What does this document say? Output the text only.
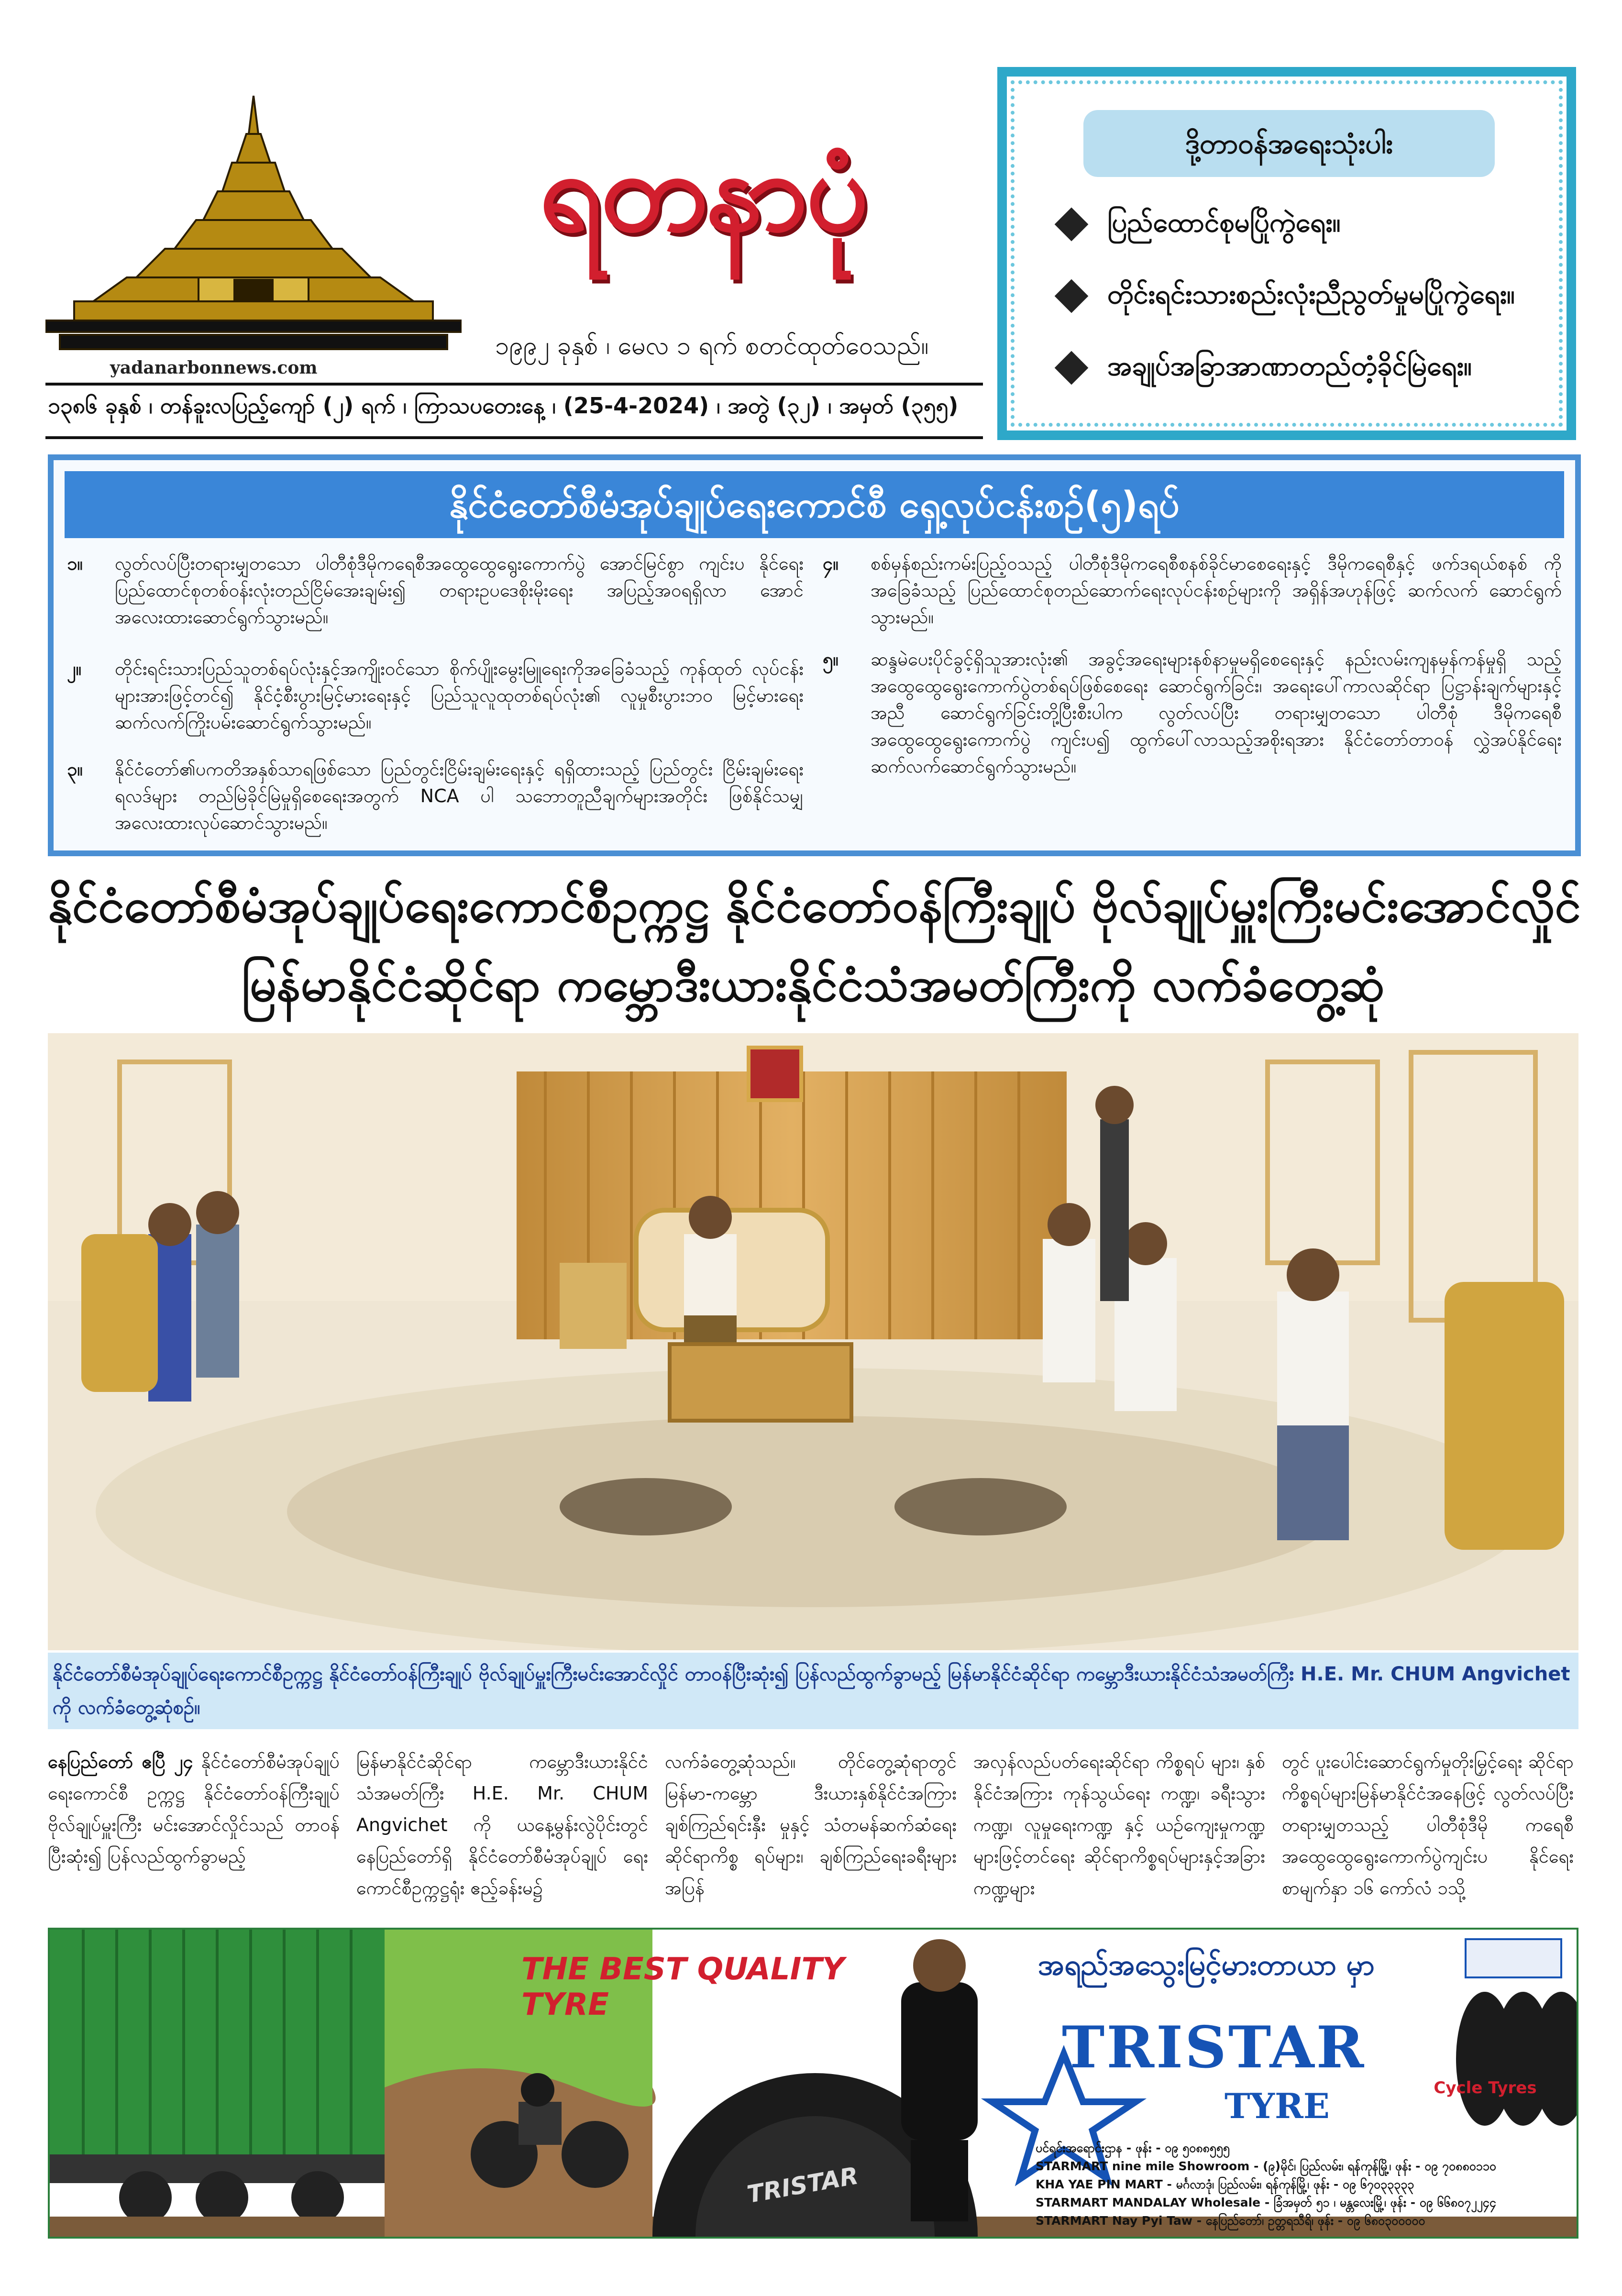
yadanarbonnews.com
ရတနာပုံ
၁၉၉၂ ခုနှစ် ၊ မေလ ၁ ရက် စတင်ထုတ်ဝေသည်။
၁၃၈၆ ခုနှစ် ၊ တန်ခူးလပြည့်ကျော် (၂) ရက် ၊ ကြာသပတေးနေ့ ၊ (25-4-2024) ၊ အတွဲ (၃၂) ၊ အမှတ် (၃၅၅)
ဒို့တာဝန်အရေးသုံးပါး
ပြည်ထောင်စုမပြိုကွဲရေး။
တိုင်းရင်းသားစည်းလုံးညီညွတ်မှုမပြိုကွဲရေး။
အချုပ်အခြာအာဏာတည်တံ့ခိုင်မြဲရေး။
နိုင်ငံတော်စီမံအုပ်ချုပ်ရေးကောင်စီ ရှေ့လုပ်ငန်းစဉ်(၅)ရပ်
၁။	လွတ်လပ်ပြီးတရားမျှတသော ပါတီစုံဒီမိုကရေစီအထွေထွေရွေးကောက်ပွဲ အောင်မြင်စွာ ကျင်းပ နိုင်ရေး ပြည်ထောင်စုတစ်ဝန်းလုံးတည်ငြိမ်အေးချမ်း၍ တရားဥပဒေစိုးမိုးရေး အပြည့်အဝရရှိလာ အောင် အလေးထားဆောင်ရွက်သွားမည်။
၂။	တိုင်းရင်းသားပြည်သူတစ်ရပ်လုံးနှင့်အကျိုးဝင်သော စိုက်ပျိုးမွေးမြူရေးကိုအခြေခံသည့် ကုန်ထုတ် လုပ်ငန်းများအားဖြင့်တင်၍ နိုင်ငံ့စီးပွားမြင့်မားရေးနှင့် ပြည်သူလူထုတစ်ရပ်လုံး၏ လူမှုစီးပွားဘဝ မြင့်မားရေး ဆက်လက်ကြိုးပမ်းဆောင်ရွက်သွားမည်။
၃။	နိုင်ငံတော်၏ပကတိအနှစ်သာရဖြစ်သော ပြည်တွင်းငြိမ်းချမ်းရေးနှင့် ရရှိထားသည့် ပြည်တွင်း ငြိမ်းချမ်းရေးရလဒ်များ တည်မြဲခိုင်မြဲမှုရှိစေရေးအတွက် NCA ပါ သဘောတူညီချက်များအတိုင်း ဖြစ်နိုင်သမျှ အလေးထားလုပ်ဆောင်သွားမည်။
၄။	စစ်မှန်စည်းကမ်းပြည့်ဝသည့် ပါတီစုံဒီမိုကရေစီစနစ်ခိုင်မာစေရေးနှင့် ဒီမိုကရေစီနှင့် ဖက်ဒရယ်စနစ် ကို အခြေခံသည့် ပြည်ထောင်စုတည်ဆောက်ရေးလုပ်ငန်းစဉ်များကို အရှိန်အဟုန်ဖြင့် ဆက်လက် ဆောင်ရွက်သွားမည်။
၅။	ဆန္ဒမဲပေးပိုင်ခွင့်ရှိသူအားလုံး၏ အခွင့်အရေးများနစ်နာမှုမရှိစေရေးနှင့် နည်းလမ်းကျနမှန်ကန်မှုရှိ သည့် အထွေထွေရွေးကောက်ပွဲတစ်ရပ်ဖြစ်စေရေး ဆောင်ရွက်ခြင်း၊ အရေးပေါ်ကာလဆိုင်ရာ ပြဋ္ဌာန်းချက်များနှင့်အညီ ဆောင်ရွက်ခြင်းတို့ပြီးစီးပါက လွတ်လပ်ပြီး တရားမျှတသော ပါတီစုံ ဒီမိုကရေစီ အထွေထွေရွေးကောက်ပွဲ ကျင်းပ၍ ထွက်ပေါ်လာသည့်အစိုးရအား နိုင်ငံတော်တာဝန် လွှဲအပ်နိုင်ရေး ဆက်လက်ဆောင်ရွက်သွားမည်။
နိုင်ငံတော်စီမံအုပ်ချုပ်ရေးကောင်စီဥက္ကဋ္ဌ နိုင်ငံတော်ဝန်ကြီးချုပ် ဗိုလ်ချုပ်မှူးကြီးမင်းအောင်လှိုင်
မြန်မာနိုင်ငံဆိုင်ရာ ကမ္ဘောဒီးယားနိုင်ငံသံအမတ်ကြီးကို လက်ခံတွေ့ဆုံ
နိုင်ငံတော်စီမံအုပ်ချုပ်ရေးကောင်စီဥက္ကဋ္ဌ နိုင်ငံတော်ဝန်ကြီးချုပ် ဗိုလ်ချုပ်မှူးကြီးမင်းအောင်လှိုင် တာဝန်ပြီးဆုံး၍ ပြန်လည်ထွက်ခွာမည့် မြန်မာနိုင်ငံဆိုင်ရာ ကမ္ဘောဒီးယားနိုင်ငံသံအမတ်ကြီး H.E. Mr. CHUM Angvichet ကို လက်ခံတွေ့ဆုံစဉ်။
နေပြည်တော် ဧပြီ ၂၄ နိုင်ငံတော်စီမံအုပ်ချုပ်ရေးကောင်စီ ဥက္ကဋ္ဌ နိုင်ငံတော်ဝန်ကြီးချုပ် ဗိုလ်ချုပ်မှူးကြီး မင်းအောင်လှိုင်သည် တာဝန်ပြီးဆုံး၍ ပြန်လည်ထွက်ခွာမည့်
မြန်မာနိုင်ငံဆိုင်ရာ ကမ္ဘောဒီးယားနိုင်ငံ သံအမတ်ကြီး H.E. Mr. CHUM Angvichet ကို ယနေ့မွန်းလွဲပိုင်းတွင် နေပြည်တော်ရှိ နိုင်ငံတော်စီမံအုပ်ချုပ် ရေးကောင်စီဥက္ကဋ္ဌရုံး ဧည့်ခန်းမ၌
လက်ခံတွေ့ဆုံသည်။ တိုင်တွေ့ဆုံရာတွင် မြန်မာ-ကမ္ဘော ဒီးယားနှစ်နိုင်ငံအကြား ချစ်ကြည်ရင်းနှီး မှုနှင့် သံတမန်ဆက်ဆံရေးဆိုင်ရာကိစ္စ ရပ်များ၊ ချစ်ကြည်ရေးခရီးများ အပြန်
အလှန်လည်ပတ်ရေးဆိုင်ရာ ကိစ္စရပ် များ၊ နှစ်နိုင်ငံအကြား ကုန်သွယ်ရေး ကဏ္ဍ၊ ခရီးသွားကဏ္ဍ၊ လူမှုရေးကဏ္ဍ နှင့် ယဉ်ကျေးမှုကဏ္ဍများဖြင့်တင်ရေး ဆိုင်ရာကိစ္စရပ်များနှင့်အခြားကဏ္ဍများ
တွင် ပူးပေါင်းဆောင်ရွက်မှုတိုးမြှင့်ရေး ဆိုင်ရာကိစ္စရပ်များမြန်မာနိုင်ငံအနေဖြင့် လွတ်လပ်ပြီး တရားမျှတသည့် ပါတီစုံဒီမို ကရေစီအထွေထွေရွေးကောက်ပွဲကျင်းပ နိုင်ရေး စာမျက်နှာ ၁၆ ကော်လံ ၁သို့
THE BEST QUALITY TYRE
အရည်အသွေးမြင့်မားတာယာ မှာ
TRISTAR
TYRE	Cycle Tyres
TRISTAR
ပင်ရင်းအရောင်းဌာန - ဖုန်း - ၀၉ ၅၀၈၈၅၅၅
STARMART nine mile Showroom - (၉)မိုင်၊ ပြည်လမ်း၊ ရန်ကုန်မြို့၊ ဖုန်း - ၀၉ ၇၀၈၈၀၁၁၀
KHA YAE PIN MART - မင်္ဂလာဒုံ၊ ပြည်လမ်း၊ ရန်ကုန်မြို့၊ ဖုန်း - ၀၉ ၆၇၀၃၃၃၃၃
STARMART MANDALAY Wholesale - ခြံအမှတ် ၅၁ ၊ မန္တလေးမြို့၊ ဖုန်း - ၀၉ ၆၆၈၀၇၂၂၄၄
STARMART Nay Pyi Taw - နေပြည်တော်၊ ဥတ္တရသီရိ၊ ဖုန်း - ၀၉ ၆၈၀၃၀၀၀၀၀
